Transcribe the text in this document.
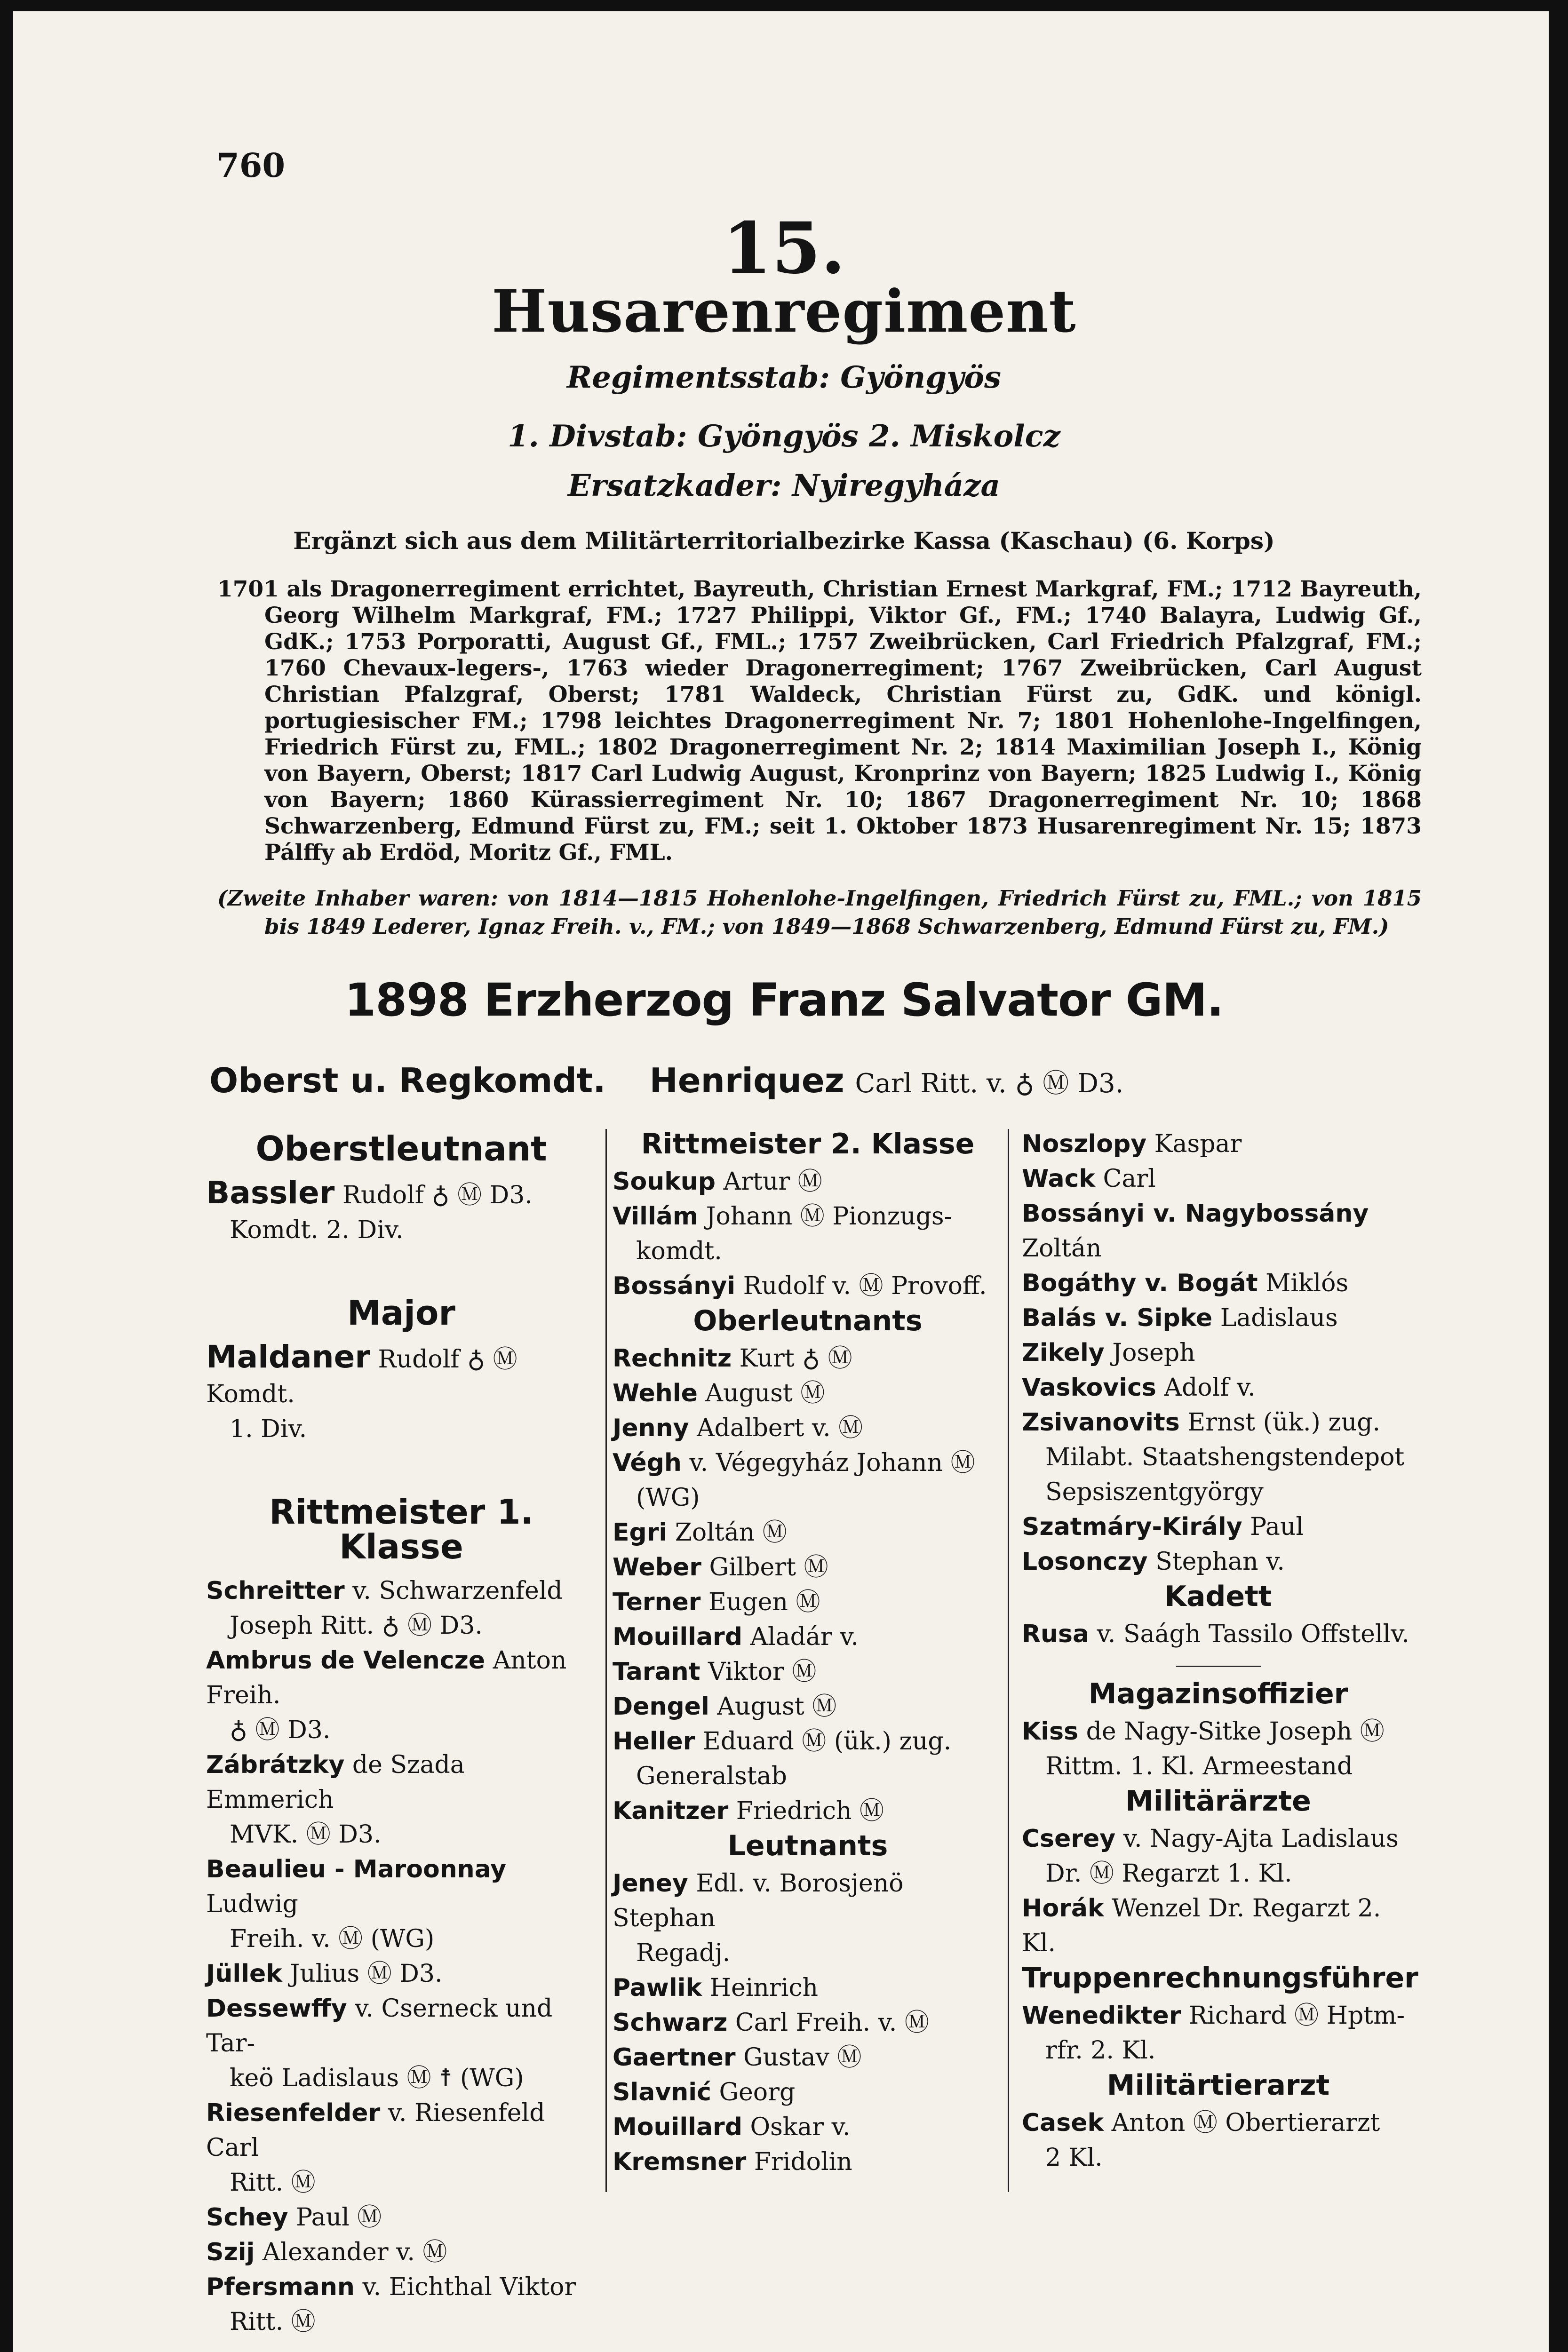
760
15.
Husarenregiment
Regimentsstab: Gyöngyös
1. Divstab: Gyöngyös 2. Miskolcz
Ersatzkader: Nyiregyháza
Ergänzt sich aus dem Militärterritorialbezirke Kassa (Kaschau) (6. Korps)

1701 als Dragonerregiment errichtet, Bayreuth, Christian Ernest Markgraf, FM.; 1712 Bayreuth, Georg Wilhelm Markgraf, FM.; 1727 Philippi, Viktor Gf., FM.; 1740 Balayra, Ludwig Gf., GdK.; 1753 Porporatti, August Gf., FML.; 1757 Zweibrücken, Carl Friedrich Pfalzgraf, FM.; 1760 Chevaux-legers-, 1763 wieder Dragonerregiment; 1767 Zweibrücken, Carl August Christian Pfalzgraf, Oberst; 1781 Waldeck, Christian Fürst zu, GdK. und königl. portugiesischer FM.; 1798 leichtes Dragonerregiment Nr. 7; 1801 Hohenlohe-Ingelfingen, Friedrich Fürst zu, FML.; 1802 Dragonerregiment Nr. 2; 1814 Maximilian Joseph I., König von Bayern, Oberst; 1817 Carl Ludwig August, Kronprinz von Bayern; 1825 Ludwig I., König von Bayern; 1860 Kürassierregiment Nr. 10; 1867 Dragonerregiment Nr. 10; 1868 Schwarzenberg, Edmund Fürst zu, FM.; seit 1. Oktober 1873 Husarenregiment Nr. 15; 1873 Pálffy ab Erdöd, Moritz Gf., FML.

(Zweite Inhaber waren: von 1814—1815 Hohenlohe-Ingelfingen, Friedrich Fürst zu, FML.; von 1815 bis 1849 Lederer, Ignaz Freih. v., FM.; von 1849—1868 Schwarzenberg, Edmund Fürst zu, FM.)

1898 Erzherzog Franz Salvator GM.
Oberst u. Regkomdt. Henriquez Carl Ritt. v. ♁ Ⓜ D3.
Oberstleutnant
Bassler Rudolf ♁ Ⓜ D3.
Komdt. 2. Div.
Major
Maldaner Rudolf ♁ Ⓜ Komdt.
1. Div.
Rittmeister 1. Klasse
Schreitter v. Schwarzenfeld
Joseph Ritt. ♁ Ⓜ D3.
Ambrus de Velencze Anton Freih.
♁ Ⓜ D3.
Zábrátzky de Szada Emmerich
MVK. Ⓜ D3.
Beaulieu - Maroonnay Ludwig
Freih. v. Ⓜ (WG)
Jüllek Julius Ⓜ D3.
Dessewffy v. Cserneck und Tar-
keö Ladislaus Ⓜ ☨ (WG)
Riesenfelder v. Riesenfeld Carl
Ritt. Ⓜ
Schey Paul Ⓜ
Szij Alexander v. Ⓜ
Pfersmann v. Eichthal Viktor
Ritt. Ⓜ
Rittmeister 2. Klasse
Soukup Artur Ⓜ
Villám Johann Ⓜ Pionzugs-
komdt.
Bossányi Rudolf v. Ⓜ Provoff.
Oberleutnants
Rechnitz Kurt ♁ Ⓜ
Wehle August Ⓜ
Jenny Adalbert v. Ⓜ
Végh v. Végegyház Johann Ⓜ
(WG)
Egri Zoltán Ⓜ
Weber Gilbert Ⓜ
Terner Eugen Ⓜ
Mouillard Aladár v.
Tarant Viktor Ⓜ
Dengel August Ⓜ
Heller Eduard Ⓜ (ük.) zug.
Generalstab
Kanitzer Friedrich Ⓜ
Leutnants
Jeney Edl. v. Borosjenö Stephan
Regadj.
Pawlik Heinrich
Schwarz Carl Freih. v. Ⓜ
Gaertner Gustav Ⓜ
Slavnić Georg
Mouillard Oskar v.
Kremsner Fridolin
Noszlopy Kaspar
Wack Carl
Bossányi v. Nagybossány Zoltán
Bogáthy v. Bogát Miklós
Balás v. Sipke Ladislaus
Zikely Joseph
Vaskovics Adolf v.
Zsivanovits Ernst (ük.) zug.
Milabt. Staatshengstendepot Sepsiszentgyörgy
Szatmáry-Király Paul
Losonczy Stephan v.
Kadett
Rusa v. Saágh Tassilo Offstellv.
Magazinsoffizier
Kiss de Nagy-Sitke Joseph Ⓜ
Rittm. 1. Kl. Armeestand
Militärärzte
Cserey v. Nagy-Ajta Ladislaus
Dr. Ⓜ Regarzt 1. Kl.
Horák Wenzel Dr. Regarzt 2. Kl.
Truppenrechnungsführer
Wenedikter Richard Ⓜ Hptm-
rfr. 2. Kl.
Militärtierarzt
Casek Anton Ⓜ Obertierarzt
2 Kl.
